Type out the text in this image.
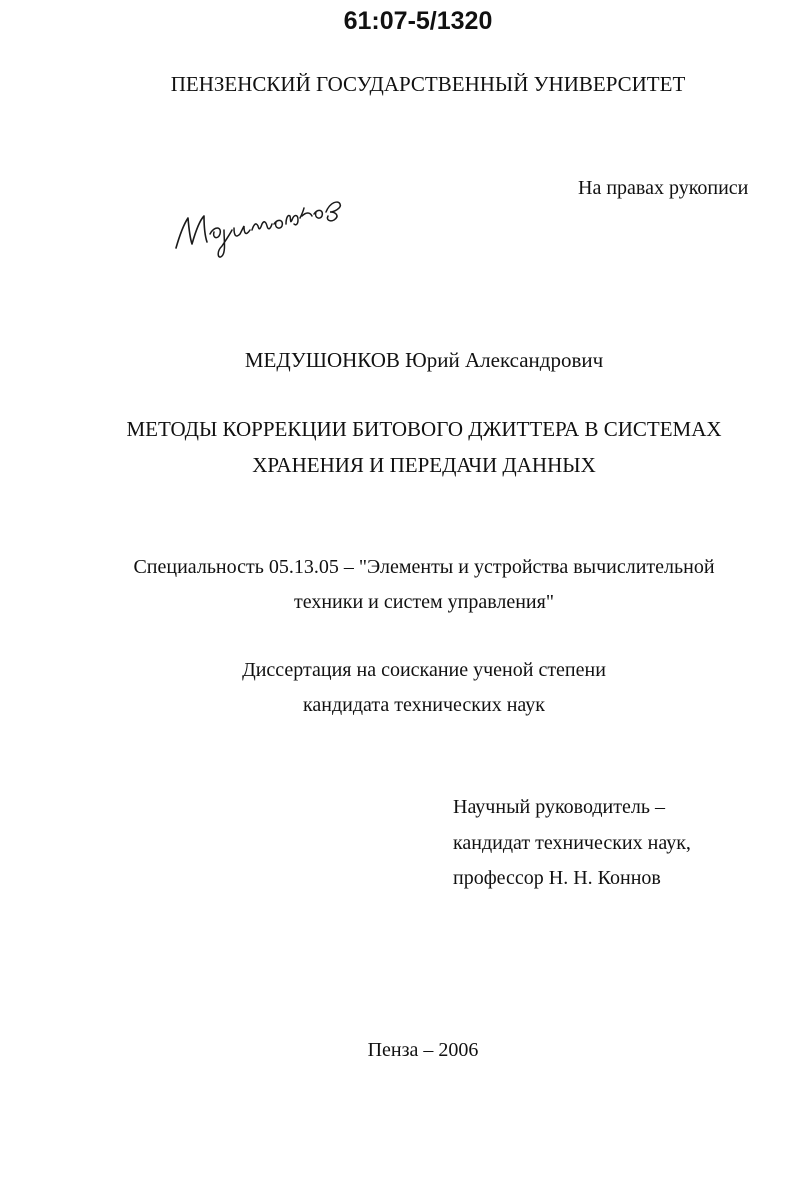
61:07-5/1320
ПЕНЗЕНСКИЙ ГОСУДАРСТВЕННЫЙ УНИВЕРСИТЕТ
На правах рукописи
МЕДУШОНКОВ Юрий Александрович
МЕТОДЫ КОРРЕКЦИИ БИТОВОГО ДЖИТТЕРА В СИСТЕМАХ
ХРАНЕНИЯ И ПЕРЕДАЧИ ДАННЫХ
Специальность 05.13.05 – "Элементы и устройства вычислительной
техники и систем управления"
Диссертация на соискание ученой степени
кандидата технических наук
Научный руководитель –
кандидат технических наук,
профессор Н. Н. Коннов
Пенза – 2006
